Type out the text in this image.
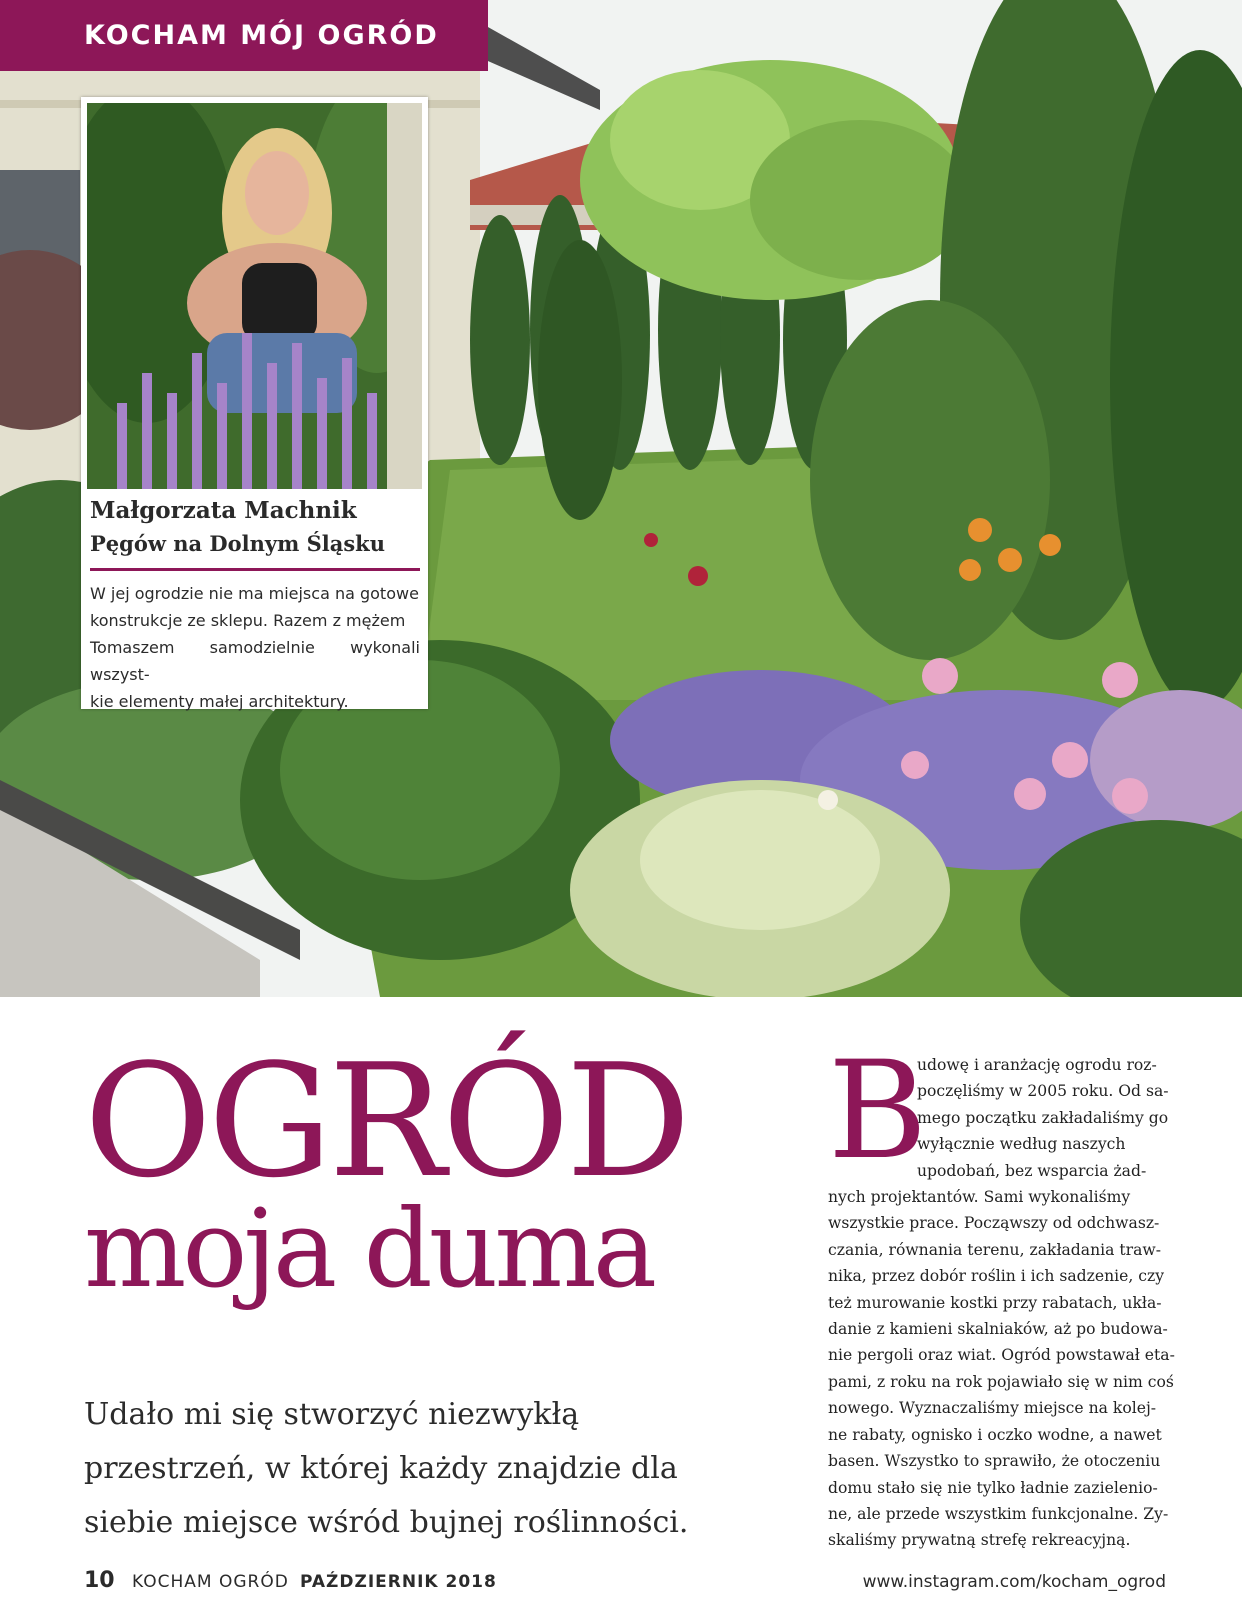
KOCHAM MÓJ OGRÓD
Małgorzata Machnik
Pęgów na Dolnym Śląsku
W jej ogrodzie nie ma miejsca na gotowe
konstrukcje ze sklepu. Razem z mężem
Tomaszem samodzielnie wykonali wszyst-
kie elementy małej architektury.
OGRÓD
moja duma
Udało mi się stworzyć niezwykłą
przestrzeń, w której każdy znajdzie dla
siebie miejsce wśród bujnej roślinności.
B
udowę i aranżację ogrodu roz-
poczęliśmy w 2005 roku. Od sa-
mego początku zakładaliśmy go
wyłącznie według naszych
upodobań, bez wsparcia żad-
nych projektantów. Sami wykonaliśmy
wszystkie prace. Począwszy od odchwasz-
czania, równania terenu, zakładania traw-
nika, przez dobór roślin i ich sadzenie, czy
też murowanie kostki przy rabatach, ukła-
danie z kamieni skalniaków, aż po budowa-
nie pergoli oraz wiat. Ogród powstawał eta-
pami, z roku na rok pojawiało się w nim coś
nowego. Wyznaczaliśmy miejsce na kolej-
ne rabaty, ognisko i oczko wodne, a nawet
basen. Wszystko to sprawiło, że otoczeniu
domu stało się nie tylko ładnie zazielenio-
ne, ale przede wszystkim funkcjonalne. Zy-
skaliśmy prywatną strefę rekreacyjną.
10 KOCHAM OGRÓD PAŹDZIERNIK 2018	www.instagram.com/kocham_ogrod
